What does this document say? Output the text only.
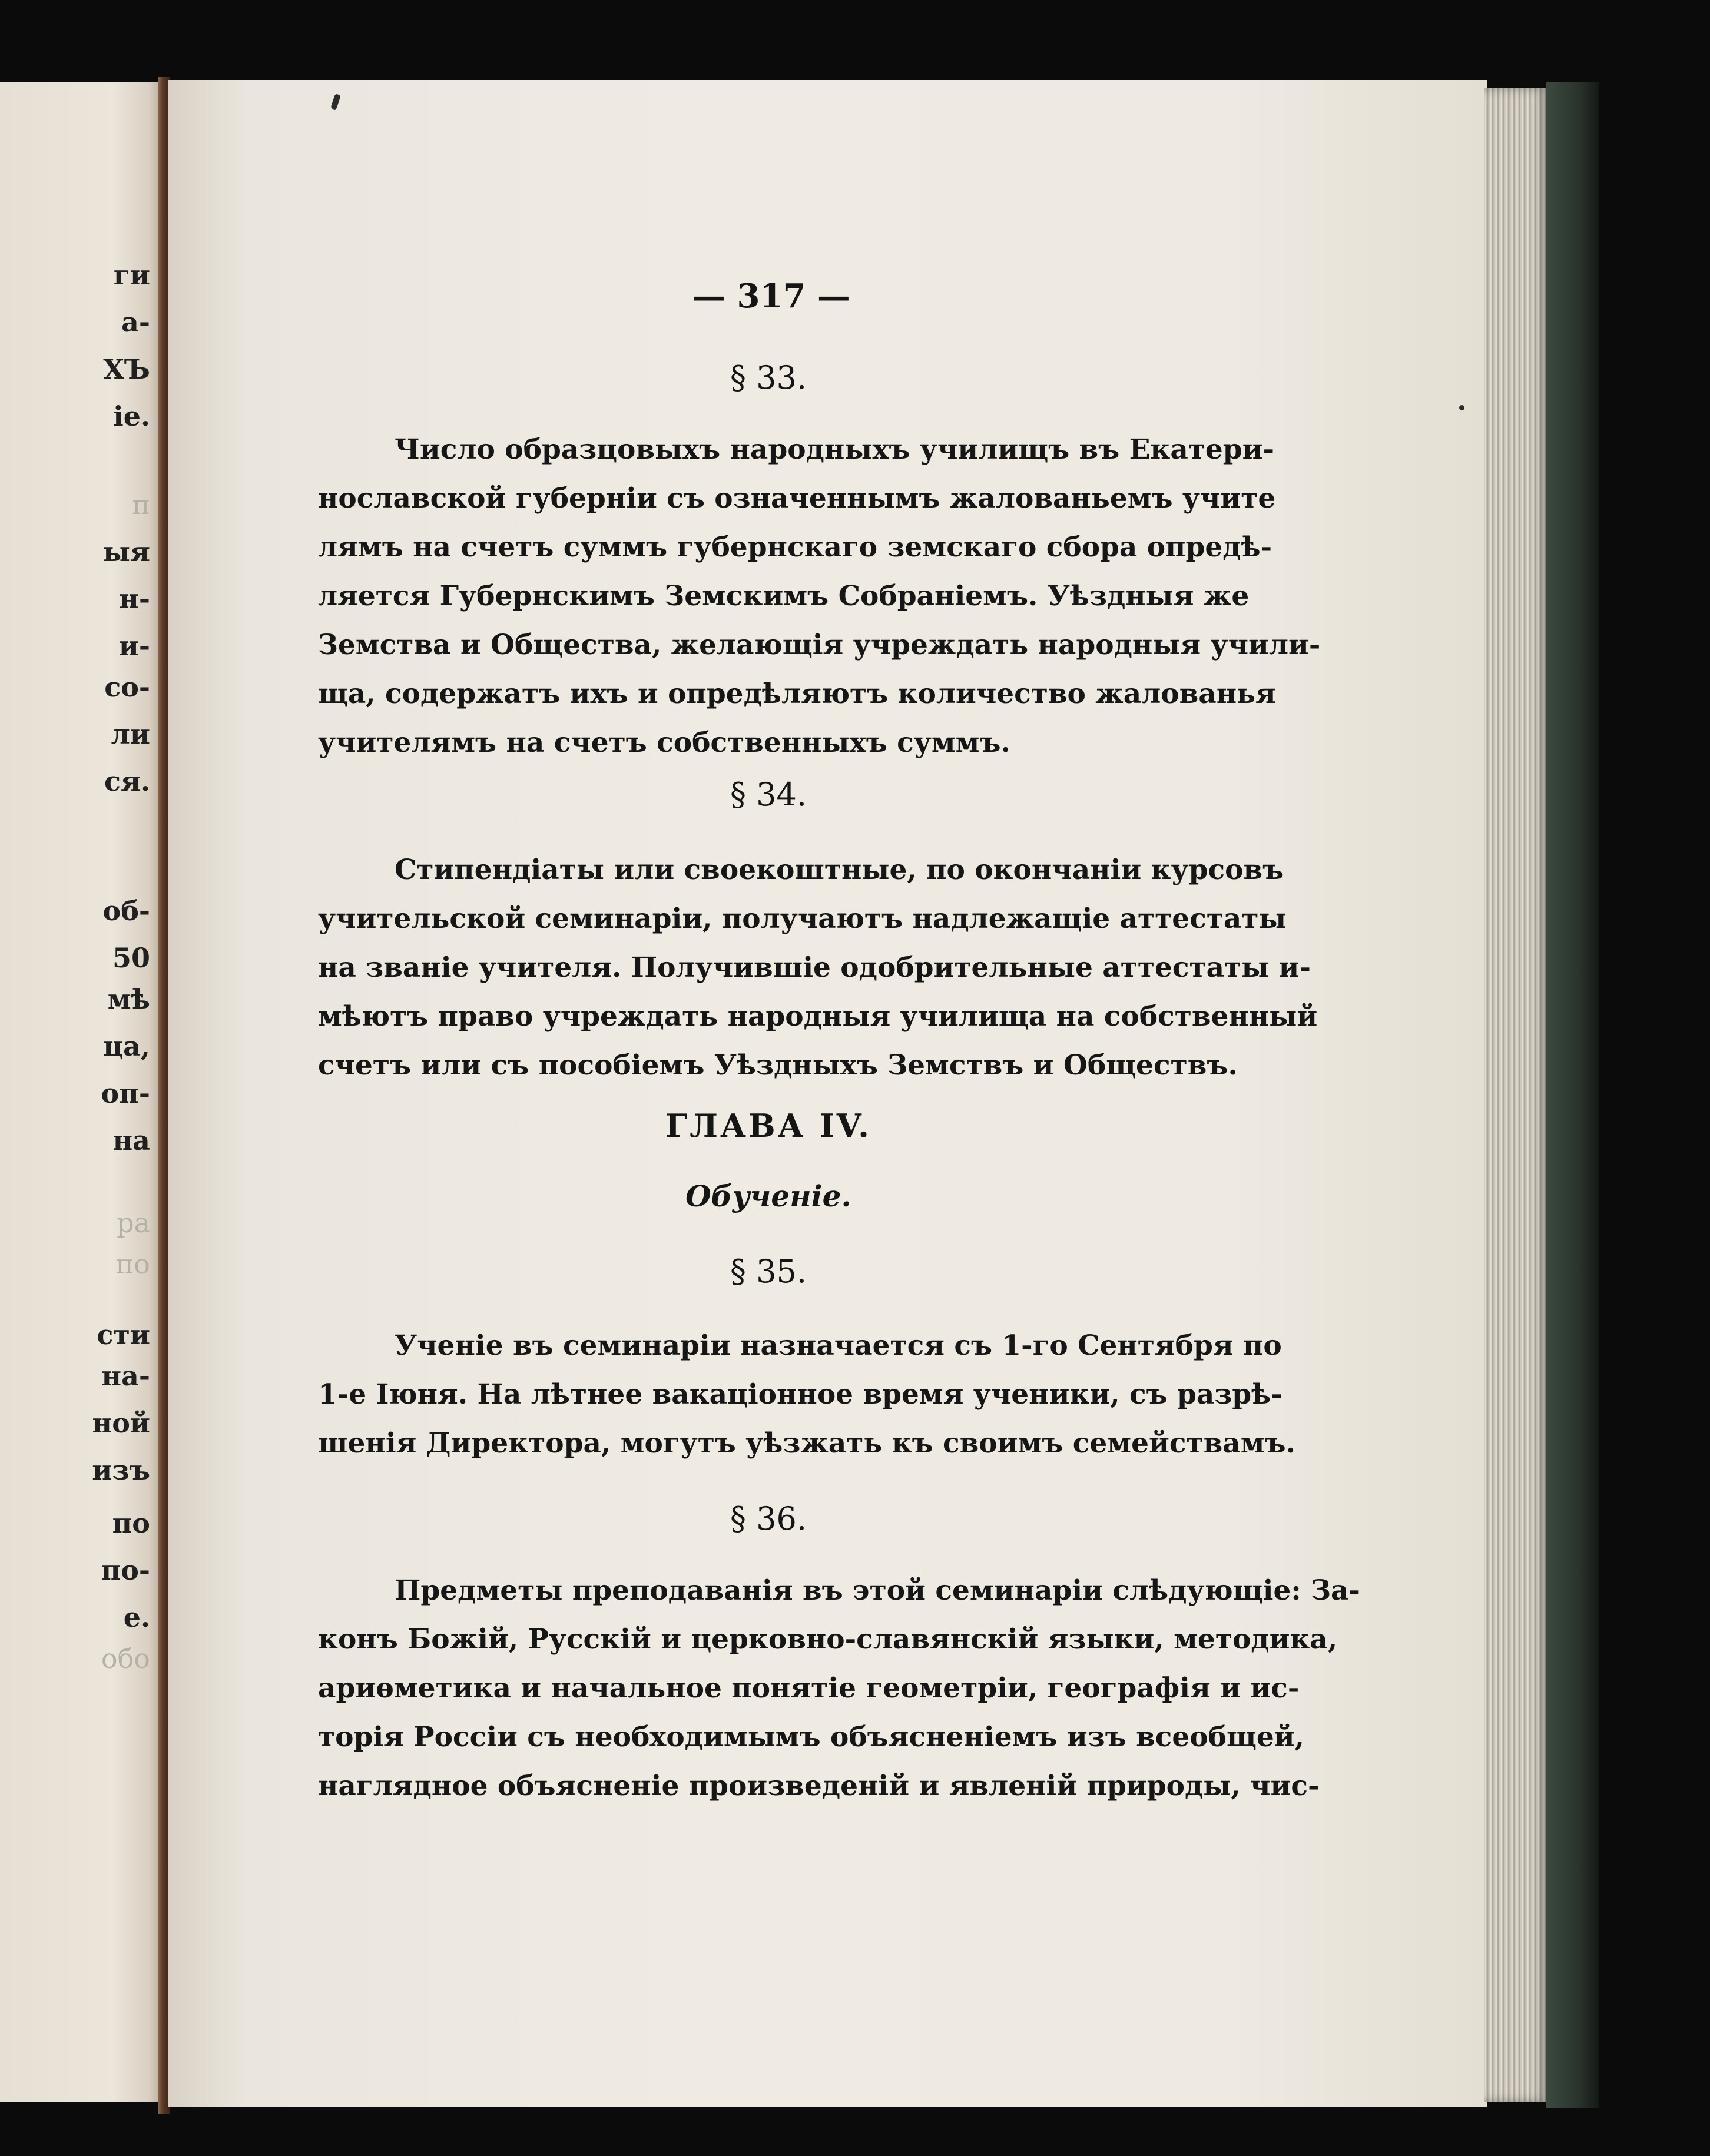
ги
а-
ХЪ
іе.
п
ыя
н-
и-
со-
ли
ся.
об-
50
мѣ
ца,
оп-
на
ра
по
сти
на-
ной
изъ
по
по-
е.
обо
— 317 —
§ 33.
Число образцовыхъ народныхъ училищъ въ Екатери-
нославской губерніи съ означеннымъ жалованьемъ учите
лямъ на счетъ суммъ губернскаго земскаго сбора опредѣ-
ляется Губернскимъ Земскимъ Собраніемъ. Уѣздныя же
Земства и Общества, желающія учреждать народныя учили-
ща, содержатъ ихъ и опредѣляютъ количество жалованья
учителямъ на счетъ собственныхъ суммъ.
§ 34.
Стипендіаты или своекоштные, по окончаніи курсовъ
учительской семинаріи, получаютъ надлежащіе аттестаты
на званіе учителя. Получившіе одобрительные аттестаты и-
мѣютъ право учреждать народныя училища на собственный
счетъ или съ пособіемъ Уѣздныхъ Земствъ и Обществъ.
ГЛАВА IV.
Обученіе.
§ 35.
Ученіе въ семинаріи назначается съ 1-го Сентября по
1-е Іюня. На лѣтнее вакаціонное время ученики, съ разрѣ-
шенія Директора, могутъ уѣзжать къ своимъ семействамъ.
§ 36.
Предметы преподаванія въ этой семинаріи слѣдующіе: За-
конъ Божій, Русскій и церковно-славянскій языки, методика,
ариѳметика и начальное понятіе геометріи, географія и ис-
торія Россіи съ необходимымъ объясненіемъ изъ всеобщей,
наглядное объясненіе произведеній и явленій природы, чис-
